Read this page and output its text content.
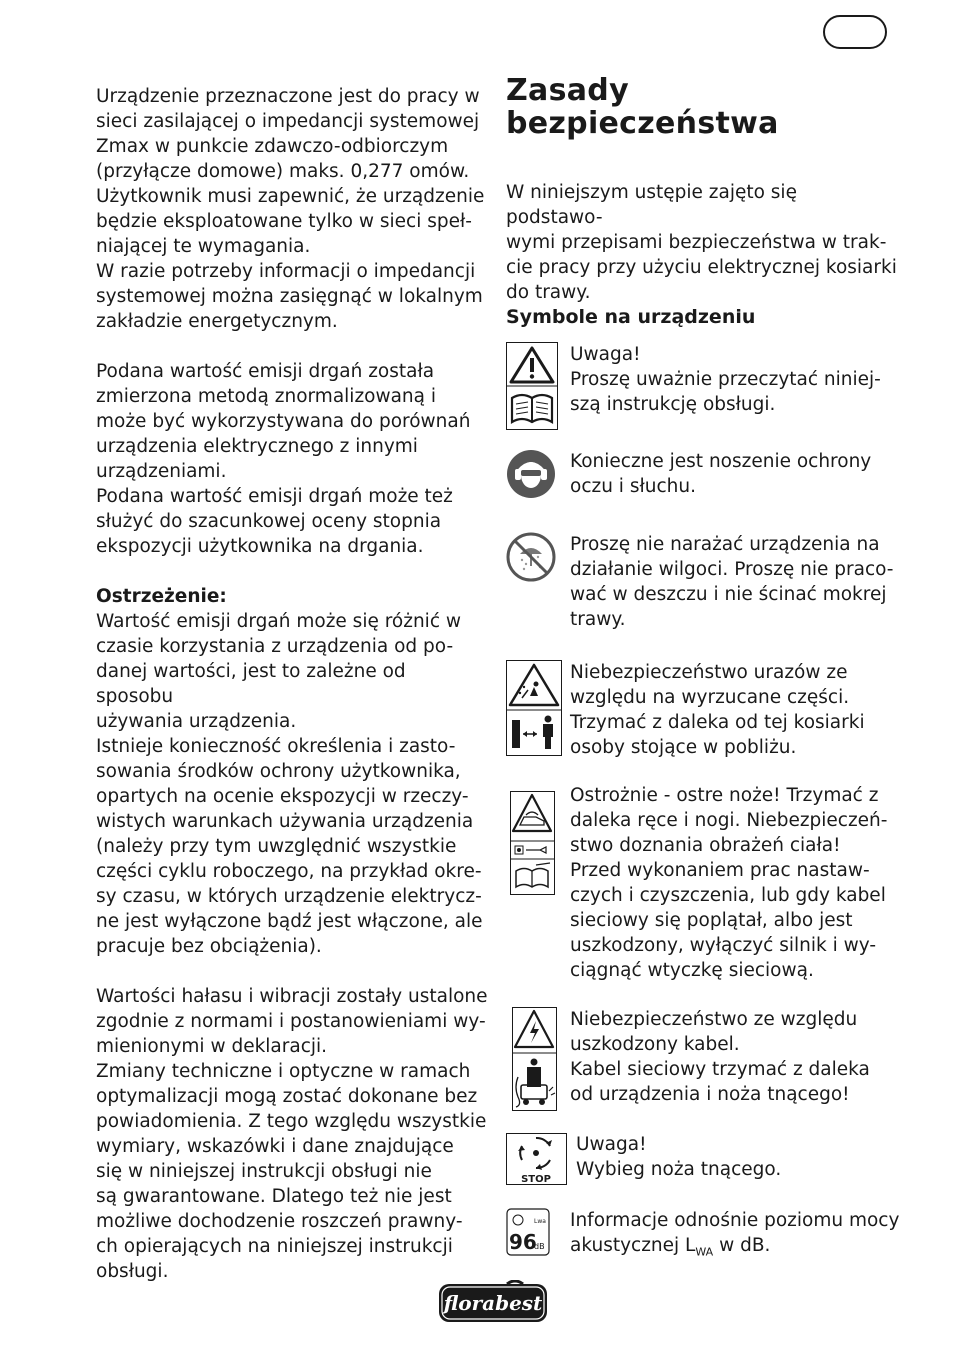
Urządzenie przeznaczone jest do pracy w

sieci zasilającej o impedancji systemowej

Zmax w punkcie zdawczo-odbiorczym

(przyłącze domowe) maks. 0,277 omów.

Użytkownik musi zapewnić, że urządzenie

będzie eksploatowane tylko w sieci speł-

niającej te wymagania.

W razie potrzeby informacji o impedancji

systemowej można zasięgnąć w lokalnym

zakładzie energetycznym.

Podana wartość emisji drgań została

zmierzona metodą znormalizowaną i

może być wykorzystywana do porównań

urządzenia elektrycznego z innymi

urządzeniami.

Podana wartość emisji drgań może też

służyć do szacunkowej oceny stopnia

ekspozycji użytkownika na drgania.

Ostrzeżenie:

Wartość emisji drgań może się różnić w

czasie korzystania z urządzenia od po-

danej wartości, jest to zależne od sposobu

używania urządzenia.

Istnieje konieczność określenia i zasto-

sowania środków ochrony użytkownika,

opartych na ocenie ekspozycji w rzeczy-

wistych warunkach używania urządzenia

(należy przy tym uwzględnić wszystkie

części cyklu roboczego, na przykład okre-

sy czasu, w których urządzenie elektrycz-

ne jest wyłączone bądź jest włączone, ale

pracuje bez obciążenia).

Wartości hałasu i wibracji zostały ustalone

zgodnie z normami i postanowieniami wy-

mienionymi w deklaracji.

Zmiany techniczne i optyczne w ramach

optymalizacji mogą zostać dokonane bez

powiadomienia. Z tego względu wszystkie

wymiary, wskazówki i dane znajdujące

się w niniejszej instrukcji obsługi nie

są gwarantowane. Dlatego też nie jest

możliwe dochodzenie roszczeń prawny-

ch opierających na niniejszej instrukcji

obsługi.

Zasady
bezpieczeństwa

W niniejszym ustępie zajęto się podstawo-

wymi przepisami bezpieczeństwa w trak-

cie pracy przy użyciu elektrycznej kosiarki

do trawy.

Symbole na urządzeniu
Uwaga!
Proszę uważnie przeczytać niniej-
szą instrukcję obsługi.
Konieczne jest noszenie ochrony
oczu i słuchu.
Proszę nie narażać urządzenia na
działanie wilgoci. Proszę nie praco-
wać w deszczu i nie ścinać mokrej
trawy.
Niebezpieczeństwo urazów ze
względu na wyrzucane części.
Trzymać z daleka od tej kosiarki
osoby stojące w pobliżu.
Ostrożnie - ostre noże! Trzymać z
daleka ręce i nogi. Niebezpieczeń-
stwo doznania obrażeń ciała!
Przed wykonaniem prac nastaw-
czych i czyszczenia, lub gdy kabel
sieciowy się poplątał, albo jest
uszkodzony, wyłączyć silnik i wy-
ciągnąć wtyczkę sieciową.
Niebezpieczeństwo ze względu
uszkodzony kabel.
Kabel sieciowy trzymać z daleka
od urządzenia i noża tnącego!
STOP
Uwaga!
Wybieg noża tnącego.
Lwa
96
dB
Informacje odnośnie poziomu mocy
akustycznej $L_{WA}$ w dB.
florabest
